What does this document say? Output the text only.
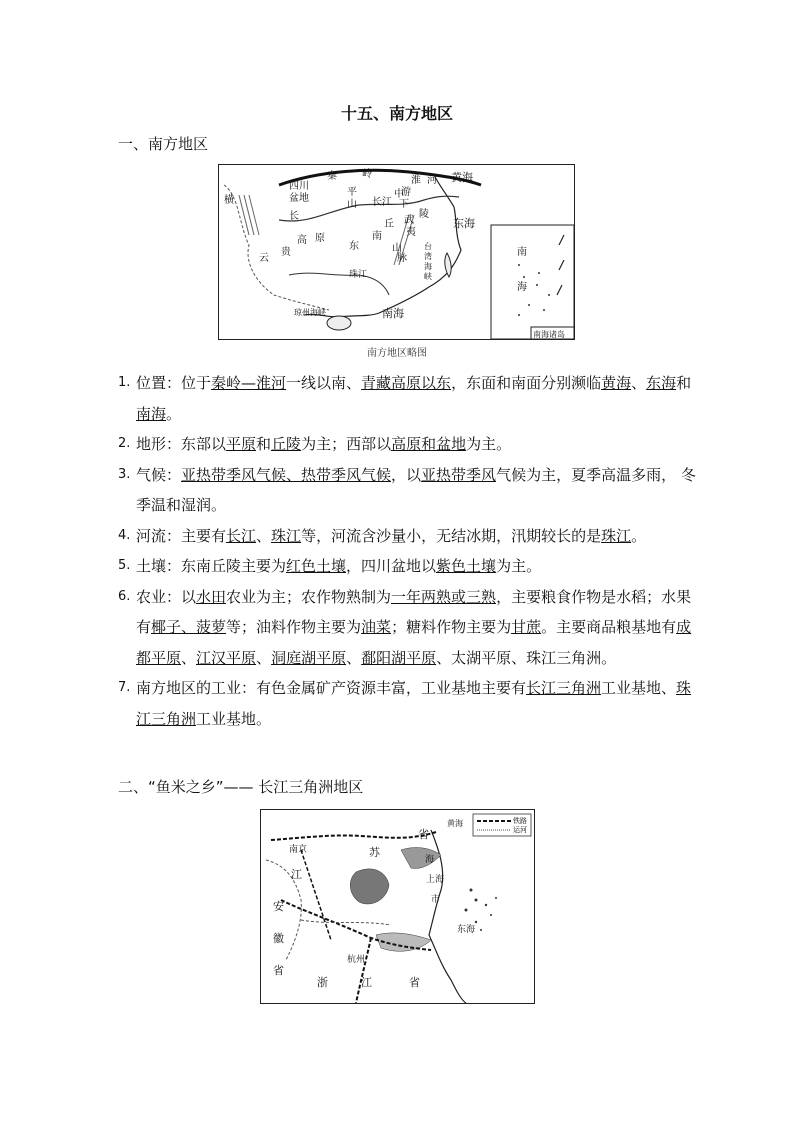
十五、南方地区
一、南方地区
秦	岭
淮 河 黄海
东海
南海
四川
盆地	长江
中
下
游
平
山
长
贵
云
高 原
东
南
丘
陵
武
夷
山
脉
横
南
海
南海诸岛
琼州海峡
珠江
台
湾
海
峡
南方地区略图
1. 位置：位于秦岭—淮河一线以南、青藏高原以东，东面和南面分别濒临黄海、东海和南海。
2. 地形：东部以平原和丘陵为主；西部以高原和盆地为主。
3. 气候：亚热带季风气候、热带季风气候，以亚热带季风气候为主，夏季高温多雨， 冬季温和湿润。
4. 河流：主要有长江、珠江等，河流含沙量小，无结冰期，汛期较长的是珠江。
5. 土壤：东南丘陵主要为红色土壤，四川盆地以紫色土壤为主。
6. 农业：以水田农业为主；农作物熟制为一年两熟或三熟，主要粮食作物是水稻；水果有椰子、菠萝等；油料作物主要为油菜；糖料作物主要为甘蔗。主要商品粮基地有成都平原、江汉平原、洞庭湖平原、鄱阳湖平原、太湖平原、珠江三角洲。
7. 南方地区的工业：有色金属矿产资源丰富，工业基地主要有长江三角洲工业基地、珠江三角洲工业基地。
二、“鱼米之乡”—— 长江三角洲地区
铁路
运河
南京
江
苏
省
黄海
上海
海
市
安
徽
省
杭州
东海
浙	江	省
